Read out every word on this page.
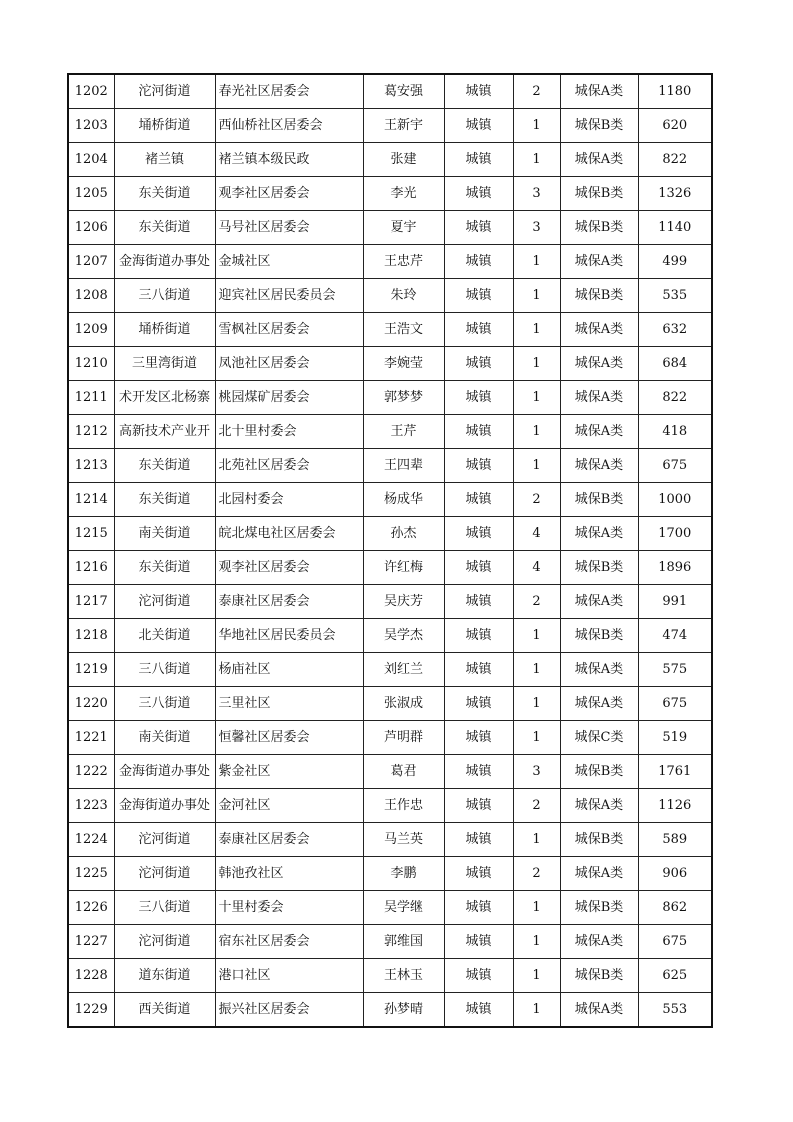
1202	沱河街道	春光社区居委会	葛安强	城镇	2	城保A类	1180
1203	埇桥街道	西仙桥社区居委会	王新宇	城镇	1	城保B类	620
1204	褚兰镇	褚兰镇本级民政	张建	城镇	1	城保A类	822
1205	东关街道	观李社区居委会	李光	城镇	3	城保B类	1326
1206	东关街道	马号社区居委会	夏宇	城镇	3	城保B类	1140
1207	金海街道办事处	金城社区	王忠芹	城镇	1	城保A类	499
1208	三八街道	迎宾社区居民委员会	朱玲	城镇	1	城保B类	535
1209	埇桥街道	雪枫社区居委会	王浩文	城镇	1	城保A类	632
1210	三里湾街道	凤池社区居委会	李婉莹	城镇	1	城保A类	684
1211	术开发区北杨寨	桃园煤矿居委会	郭梦梦	城镇	1	城保A类	822
1212	高新技术产业开	北十里村委会	王芹	城镇	1	城保A类	418
1213	东关街道	北苑社区居委会	王四辈	城镇	1	城保A类	675
1214	东关街道	北园村委会	杨成华	城镇	2	城保B类	1000
1215	南关街道	皖北煤电社区居委会	孙杰	城镇	4	城保A类	1700
1216	东关街道	观李社区居委会	许红梅	城镇	4	城保B类	1896
1217	沱河街道	泰康社区居委会	吴庆芳	城镇	2	城保A类	991
1218	北关街道	华地社区居民委员会	吴学杰	城镇	1	城保B类	474
1219	三八街道	杨庙社区	刘红兰	城镇	1	城保A类	575
1220	三八街道	三里社区	张淑成	城镇	1	城保A类	675
1221	南关街道	恒馨社区居委会	芦明群	城镇	1	城保C类	519
1222	金海街道办事处	紫金社区	葛君	城镇	3	城保B类	1761
1223	金海街道办事处	金河社区	王作忠	城镇	2	城保A类	1126
1224	沱河街道	泰康社区居委会	马兰英	城镇	1	城保B类	589
1225	沱河街道	韩池孜社区	李鹏	城镇	2	城保A类	906
1226	三八街道	十里村委会	吴学继	城镇	1	城保B类	862
1227	沱河街道	宿东社区居委会	郭维国	城镇	1	城保A类	675
1228	道东街道	港口社区	王林玉	城镇	1	城保B类	625
1229	西关街道	振兴社区居委会	孙梦晴	城镇	1	城保A类	553
